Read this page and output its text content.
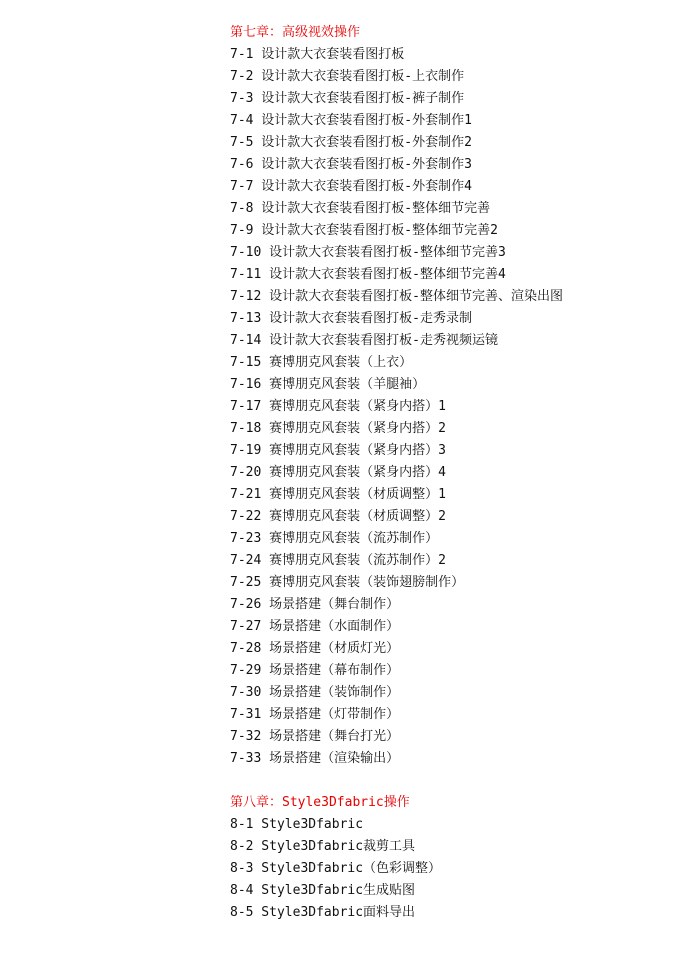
第七章：高级视效操作

7-1 设计款大衣套装看图打板

7-2 设计款大衣套装看图打板-上衣制作

7-3 设计款大衣套装看图打板-裤子制作

7-4 设计款大衣套装看图打板-外套制作1

7-5 设计款大衣套装看图打板-外套制作2

7-6 设计款大衣套装看图打板-外套制作3

7-7 设计款大衣套装看图打板-外套制作4

7-8 设计款大衣套装看图打板-整体细节完善

7-9 设计款大衣套装看图打板-整体细节完善2

7-10 设计款大衣套装看图打板-整体细节完善3

7-11 设计款大衣套装看图打板-整体细节完善4

7-12 设计款大衣套装看图打板-整体细节完善、渲染出图

7-13 设计款大衣套装看图打板-走秀录制

7-14 设计款大衣套装看图打板-走秀视频运镜

7-15 赛博朋克风套装（上衣）

7-16 赛博朋克风套装（羊腿袖）

7-17 赛博朋克风套装（紧身内搭）1

7-18 赛博朋克风套装（紧身内搭）2

7-19 赛博朋克风套装（紧身内搭）3

7-20 赛博朋克风套装（紧身内搭）4

7-21 赛博朋克风套装（材质调整）1

7-22 赛博朋克风套装（材质调整）2

7-23 赛博朋克风套装（流苏制作）

7-24 赛博朋克风套装（流苏制作）2

7-25 赛博朋克风套装（装饰翅膀制作）

7-26 场景搭建（舞台制作）

7-27 场景搭建（水面制作）

7-28 场景搭建（材质灯光）

7-29 场景搭建（幕布制作）

7-30 场景搭建（装饰制作）

7-31 场景搭建（灯带制作）

7-32 场景搭建（舞台打光）

7-33 场景搭建（渲染输出）

第八章：Style3Dfabric操作

8-1 Style3Dfabric

8-2 Style3Dfabric裁剪工具

8-3 Style3Dfabric（色彩调整）

8-4 Style3Dfabric生成贴图

8-5 Style3Dfabric面料导出
